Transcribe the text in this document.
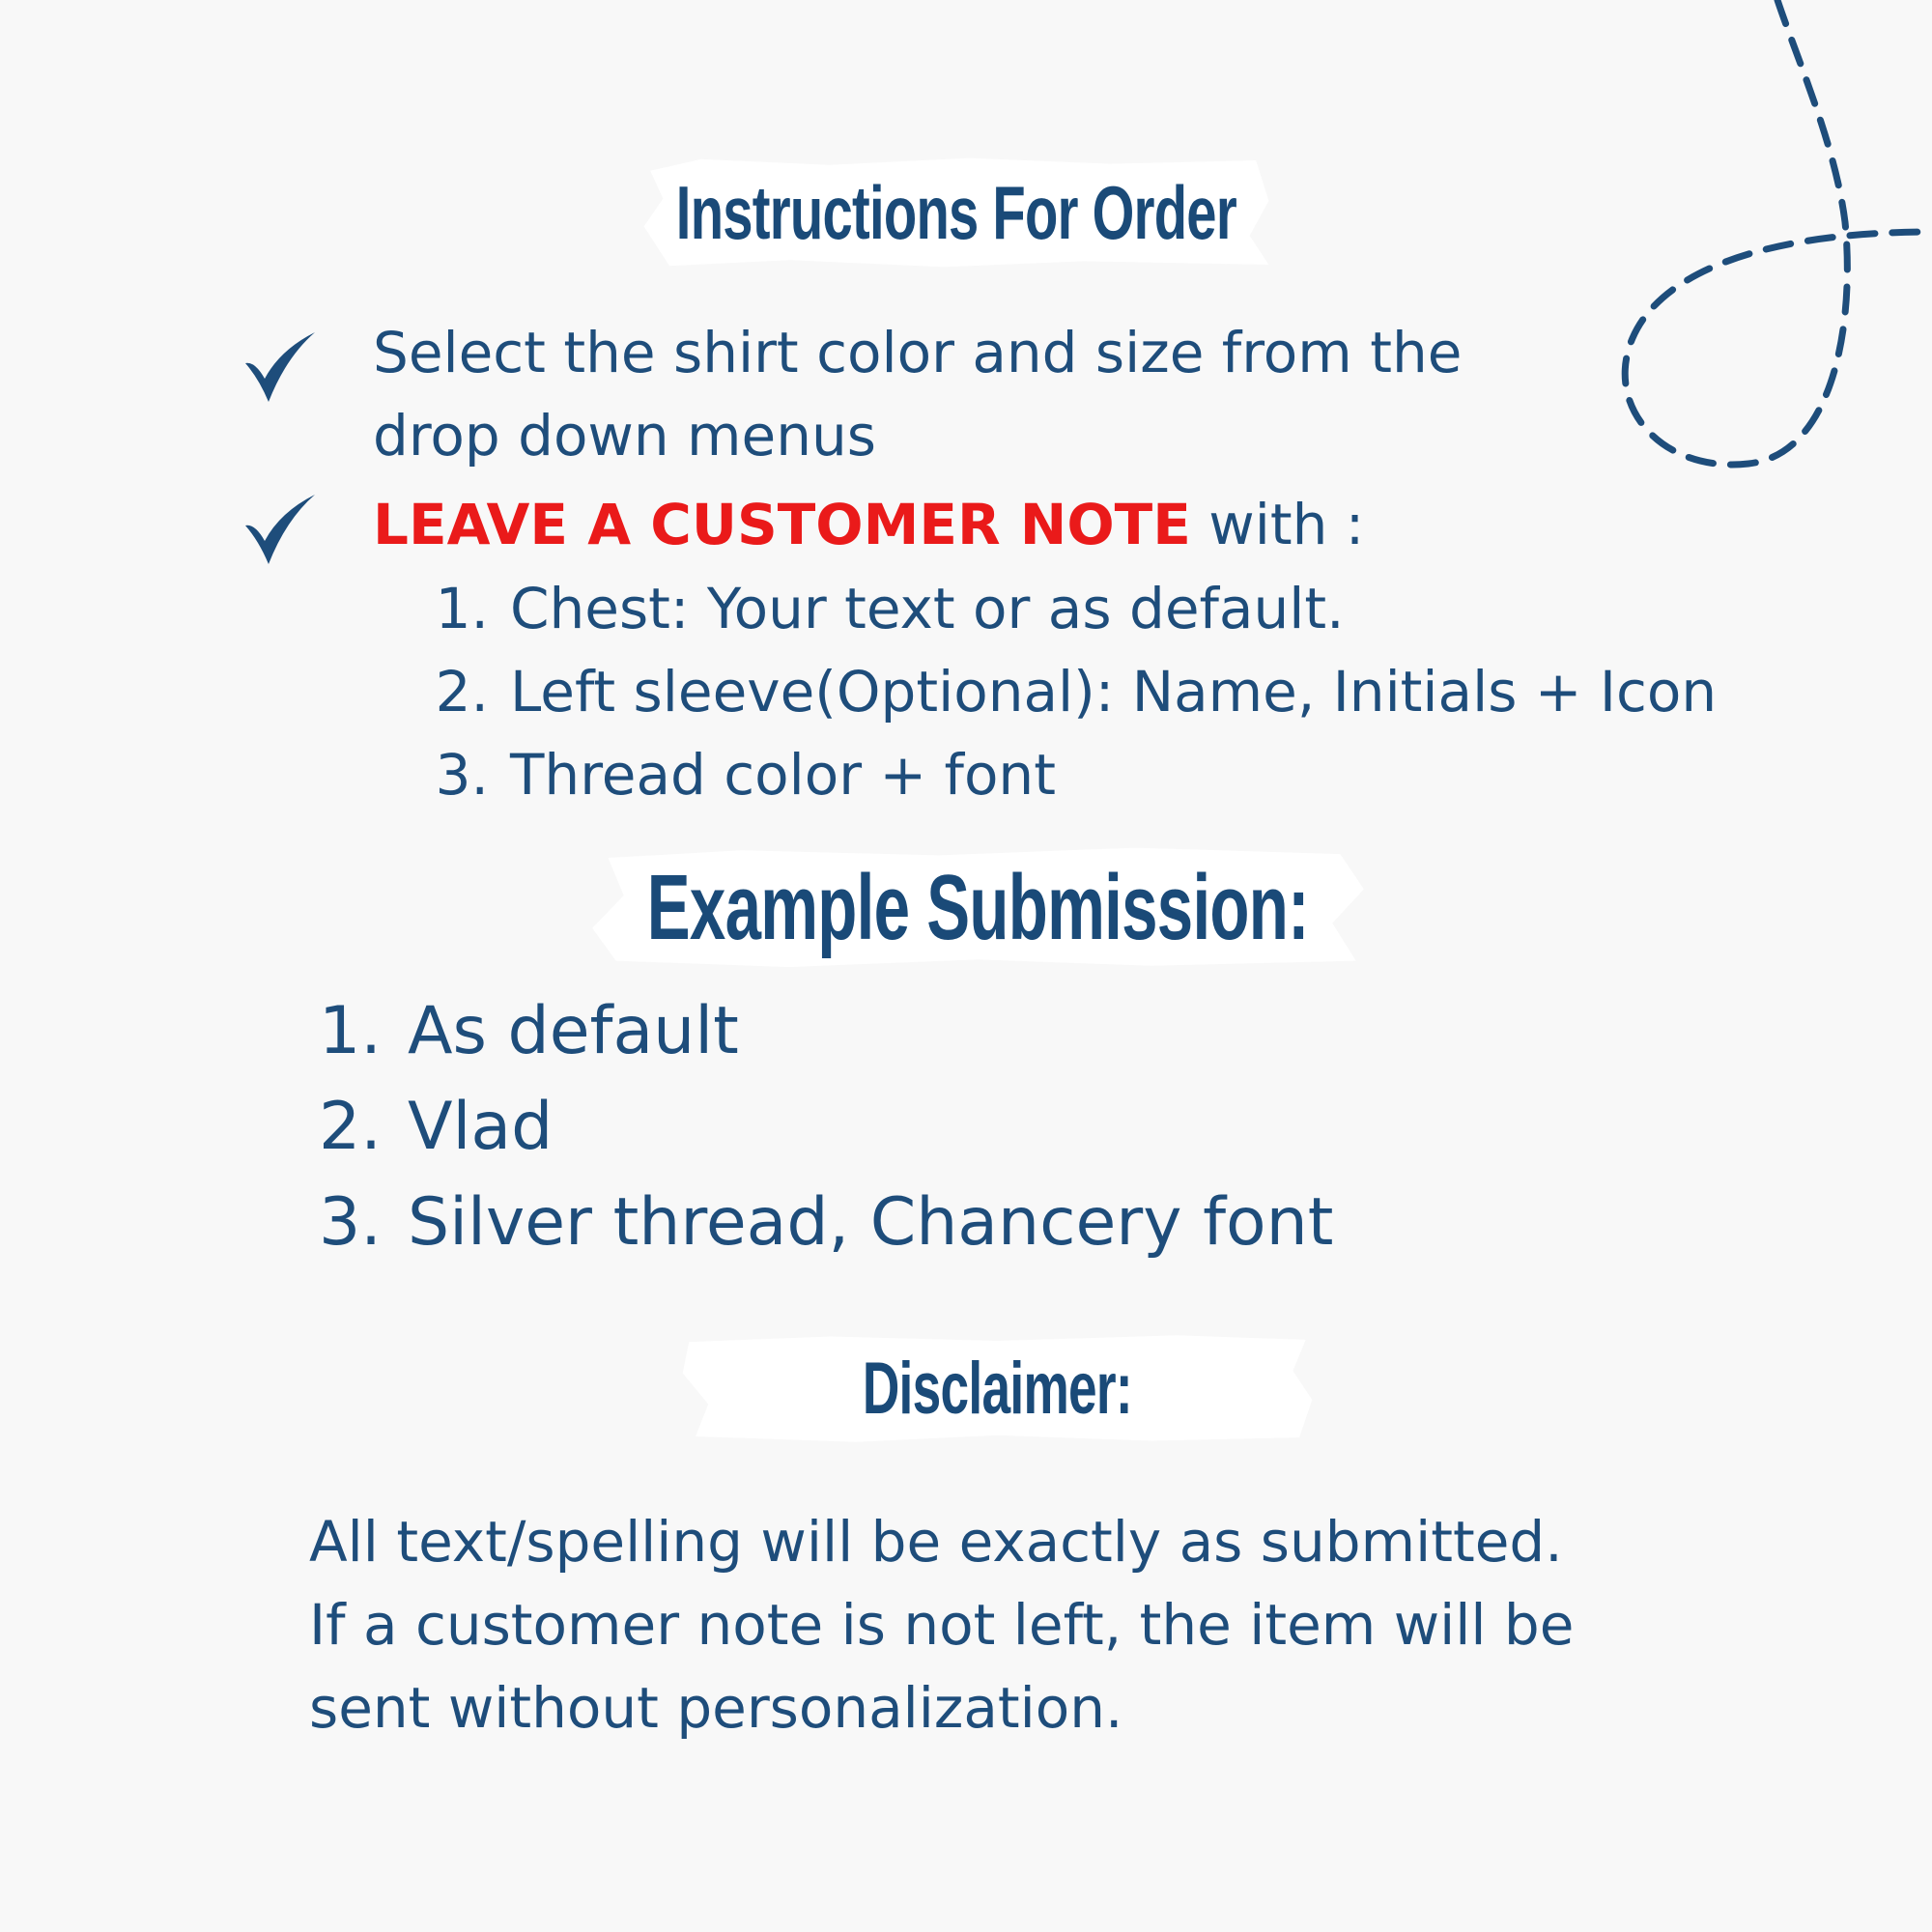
Instructions For Order
Select the shirt color and size from the
drop down menus
LEAVE A CUSTOMER NOTE with :
1. Chest: Your text or as default.
2. Left sleeve(Optional): Name, Initials + Icon
3. Thread color + font
Example Submission:
1. As default
2. Vlad
3. Silver thread, Chancery font
Disclaimer:
All text/spelling will be exactly as submitted.
If a customer note is not left, the item will be
sent without personalization.
